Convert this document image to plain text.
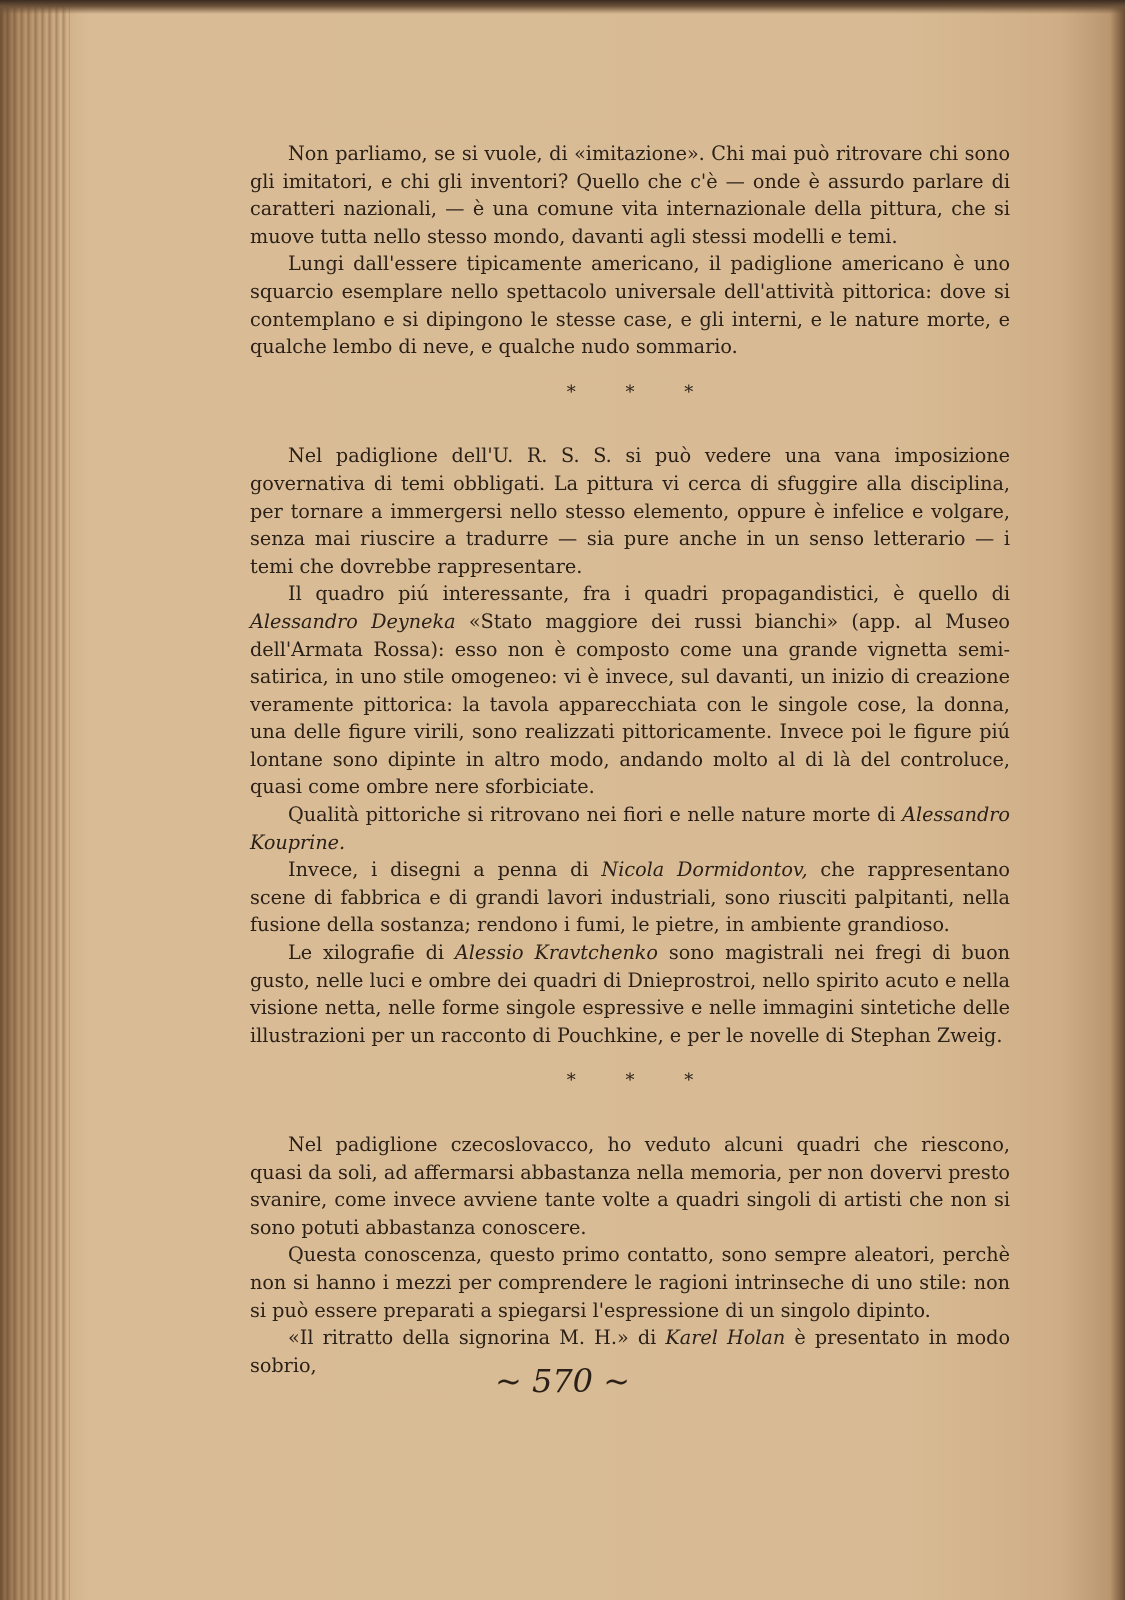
Non parliamo, se si vuole, di «imitazione». Chi mai può ritrovare chi sono gli imitatori, e chi gli inventori? Quello che c'è — onde è assurdo parlare di caratteri nazionali, — è una comune vita internazionale della pittura, che si muove tutta nello stesso mondo, davanti agli stessi modelli e temi.

Lungi dall'essere tipicamente americano, il padiglione americano è uno squarcio esemplare nello spettacolo universale dell'attività pittorica: dove si contemplano e si dipingono le stesse case, e gli interni, e le nature morte, e qualche lembo di neve, e qualche nudo sommario.

* * *

Nel padiglione dell'U. R. S. S. si può vedere una vana imposizione governativa di temi obbligati. La pittura vi cerca di sfuggire alla disciplina, per tornare a immergersi nello stesso elemento, oppure è infelice e volgare, senza mai riuscire a tradurre — sia pure anche in un senso letterario — i temi che dovrebbe rappresentare.

Il quadro piú interessante, fra i quadri propagandistici, è quello di Alessandro Deyneka «Stato maggiore dei russi bianchi» (app. al Museo dell'Armata Rossa): esso non è composto come una grande vignetta semi-satirica, in uno stile omogeneo: vi è invece, sul davanti, un inizio di creazione veramente pittorica: la tavola apparecchiata con le singole cose, la donna, una delle figure virili, sono realizzati pittoricamente. Invece poi le figure piú lontane sono dipinte in altro modo, andando molto al di là del controluce, quasi come ombre nere sforbiciate.

Qualità pittoriche si ritrovano nei fiori e nelle nature morte di Alessandro Kouprine.

Invece, i disegni a penna di Nicola Dormidontov, che rappresentano scene di fabbrica e di grandi lavori industriali, sono riusciti palpitanti, nella fusione della sostanza; rendono i fumi, le pietre, in ambiente grandioso.

Le xilografie di Alessio Kravtchenko sono magistrali nei fregi di buon gusto, nelle luci e ombre dei quadri di Dnieprostroi, nello spirito acuto e nella visione netta, nelle forme singole espressive e nelle immagini sintetiche delle illustrazioni per un racconto di Pouchkine, e per le novelle di Stephan Zweig.

* * *

Nel padiglione czecoslovacco, ho veduto alcuni quadri che riescono, quasi da soli, ad affermarsi abbastanza nella memoria, per non dovervi presto svanire, come invece avviene tante volte a quadri singoli di artisti che non si sono potuti abbastanza conoscere.

Questa conoscenza, questo primo contatto, sono sempre aleatori, perchè non si hanno i mezzi per comprendere le ragioni intrinseche di uno stile: non si può essere preparati a spiegarsi l'espressione di un singolo dipinto.

«Il ritratto della signorina M. H.» di Karel Holan è presentato in modo sobrio,	~ 570 ~
